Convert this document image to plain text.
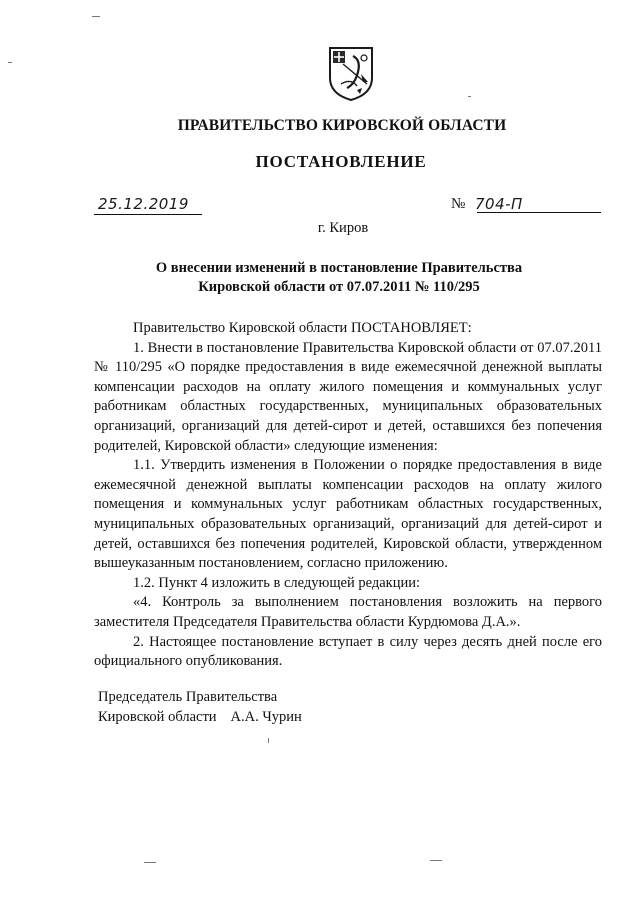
ПРАВИТЕЛЬСТВО КИРОВСКОЙ ОБЛАСТИ
ПОСТАНОВЛЕНИЕ
25.12.2019	№ 704-П
г. Киров
О внесении изменений в постановление Правительства
Кировской области от 07.07.2011 № 110/295

Правительство Кировской области ПОСТАНОВЛЯЕТ:

1. Внести в постановление Правительства Кировской области от 07.07.2011 № 110/295 «О порядке предоставления в виде ежемесячной денежной выплаты компенсации расходов на оплату жилого помещения и коммунальных услуг работникам областных государственных, муниципальных образовательных организаций, организаций для детей-сирот и детей, оставшихся без попечения родителей, Кировской области» следующие изменения:

1.1. Утвердить изменения в Положении о порядке предоставления в виде ежемесячной денежной выплаты компенсации расходов на оплату жилого помещения и коммунальных услуг работникам областных государственных, муниципальных образовательных организаций, организаций для детей-сирот и детей, оставшихся без попечения родителей, Кировской области, утвержденном вышеуказанным постановлением, согласно приложению.

1.2. Пункт 4 изложить в следующей редакции:

«4. Контроль за выполнением постановления возложить на первого заместителя Председателя Правительства области Курдюмова Д.А.».

2. Настоящее постановление вступает в силу через десять дней после его официального опубликования.

Председатель Правительства
Кировской области А.А. Чурин
